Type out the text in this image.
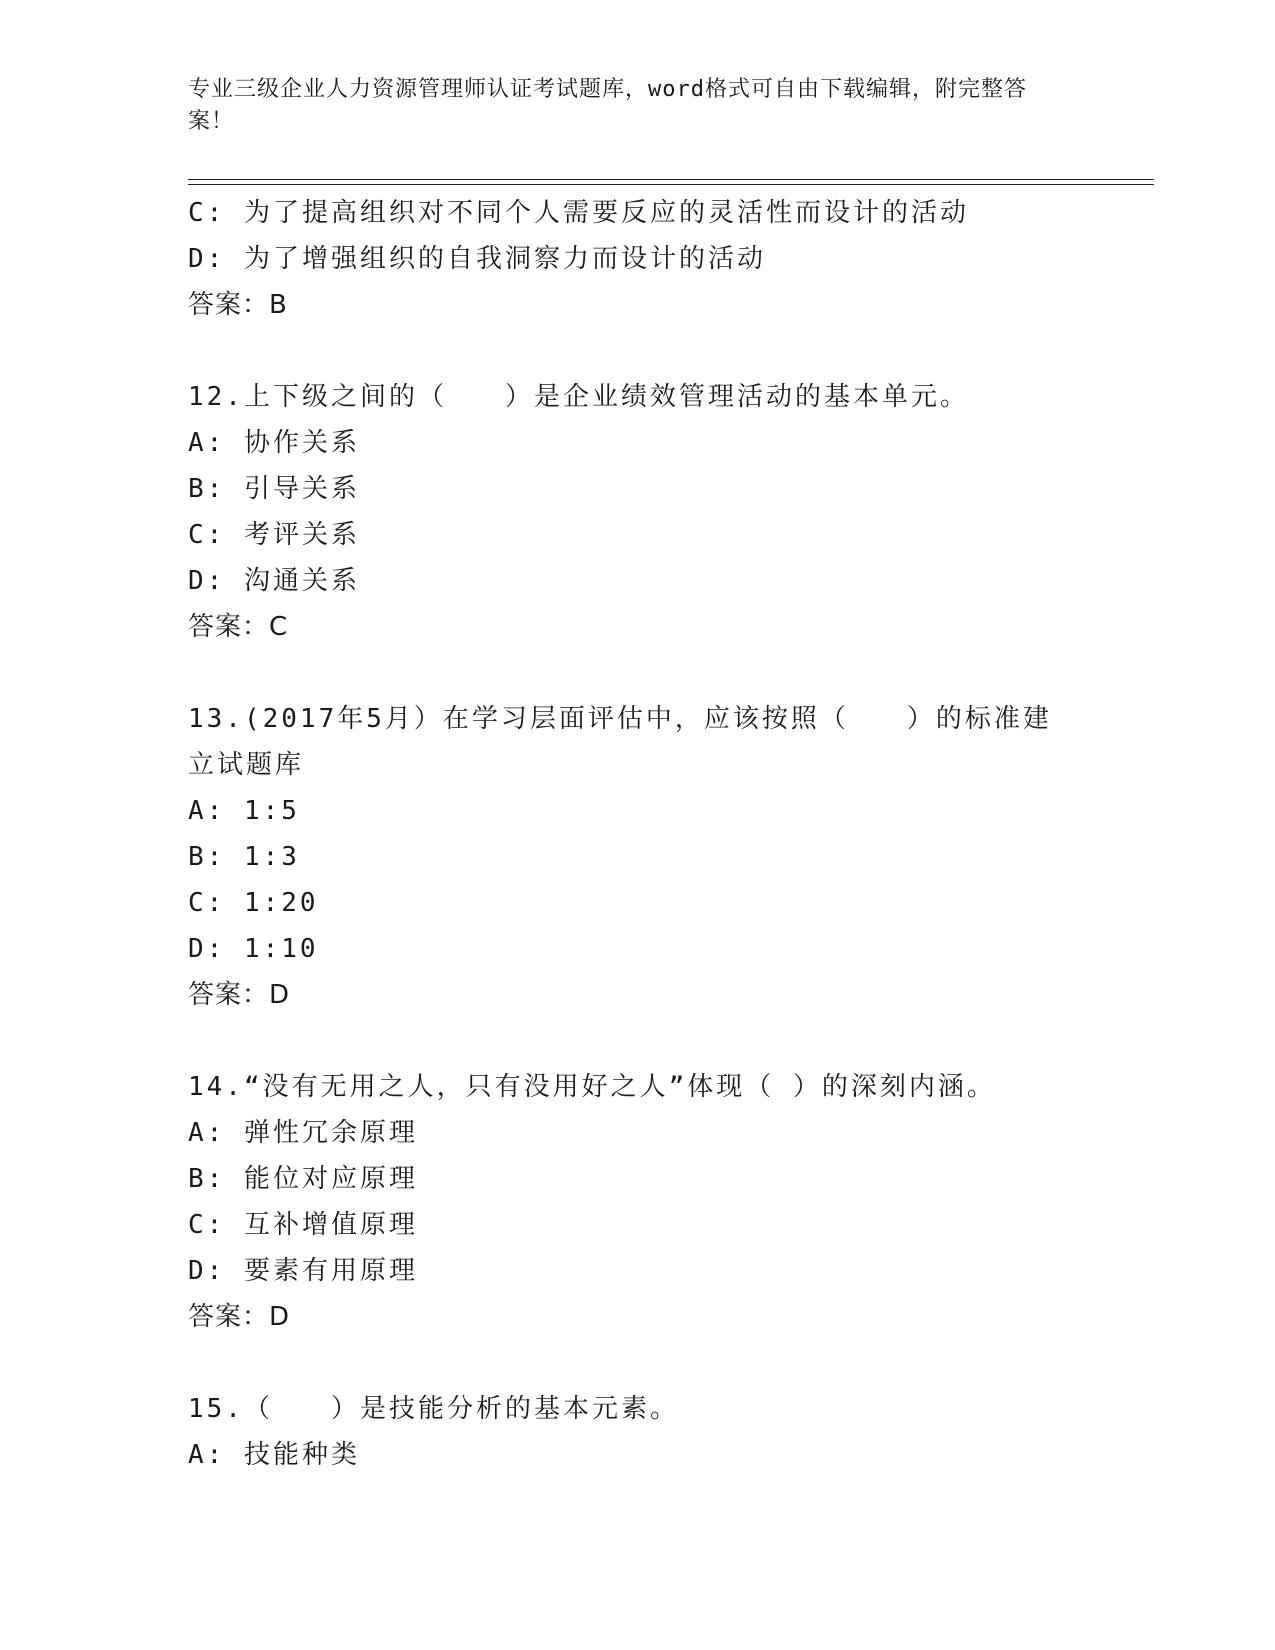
专业三级企业人力资源管理师认证考试题库，word格式可自由下载编辑，附完整答案！
C: 为了提高组织对不同个人需要反应的灵活性而设计的活动
D: 为了增强组织的自我洞察力而设计的活动
答案：B
12.上下级之间的（　　）是企业绩效管理活动的基本单元。
A: 协作关系
B: 引导关系
C: 考评关系
D: 沟通关系
答案：C
13.(2017年5月）在学习层面评估中，应该按照（　　）的标准建立试题库
A: 1:5
B: 1:3
C: 1:20
D: 1:10
答案：D
14.“没有无用之人，只有没用好之人”体现（ ）的深刻内涵。
A: 弹性冗余原理
B: 能位对应原理
C: 互补增值原理
D: 要素有用原理
答案：D
15.（　　）是技能分析的基本元素。
A: 技能种类
